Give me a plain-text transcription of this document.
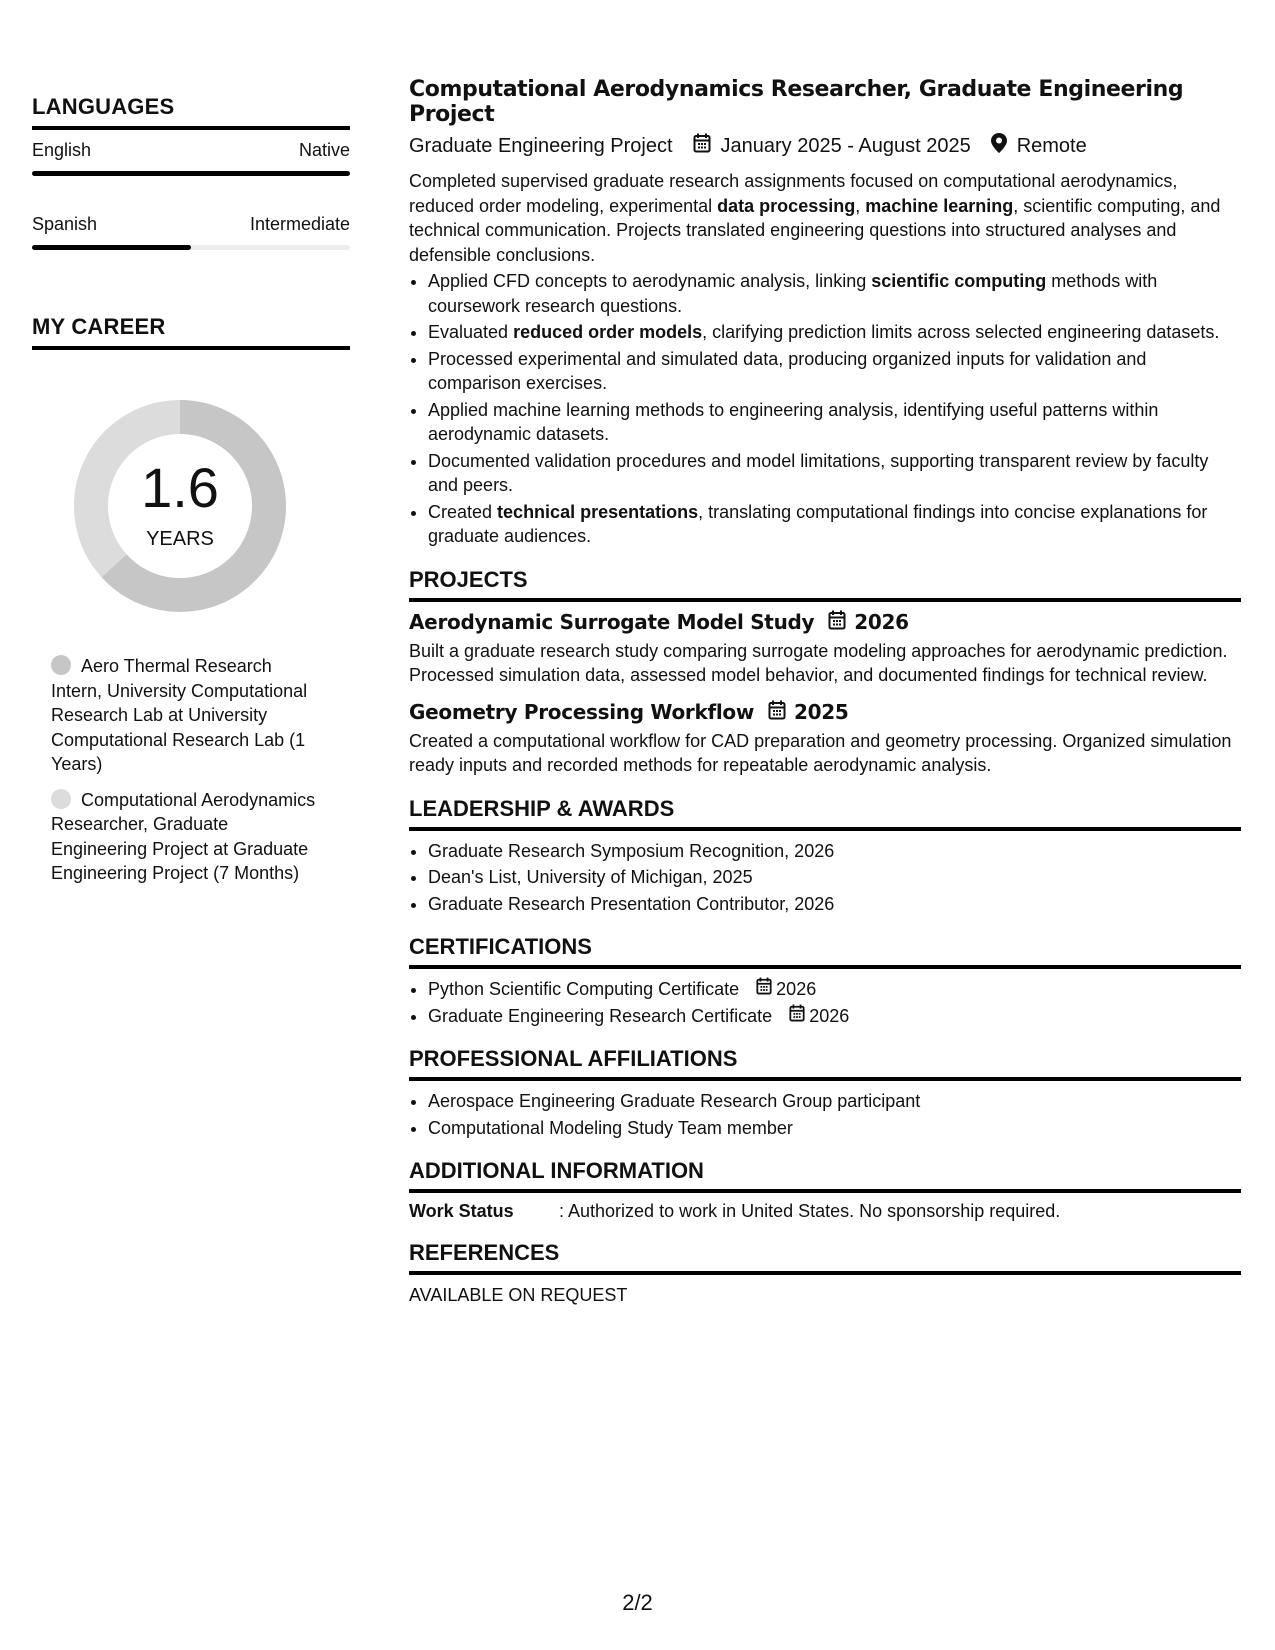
LANGUAGES
English	Native
Spanish	Intermediate
MY CAREER
1.6
YEARS
Aero Thermal Research Intern, University Computational Research Lab at University Computational Research Lab (1 Years)
Computational Aerodynamics Researcher, Graduate Engineering Project at Graduate Engineering Project (7 Months)
Computational Aerodynamics Researcher, Graduate Engineering Project
Graduate Engineering Project January 2025 - August 2025 Remote
Completed supervised graduate research assignments focused on computational aerodynamics, reduced order modeling, experimental data processing, machine learning, scientific computing, and technical communication. Projects translated engineering questions into structured analyses and defensible conclusions.
• Applied CFD concepts to aerodynamic analysis, linking scientific computing methods with coursework research questions.
• Evaluated reduced order models, clarifying prediction limits across selected engineering datasets.
• Processed experimental and simulated data, producing organized inputs for validation and comparison exercises.
• Applied machine learning methods to engineering analysis, identifying useful patterns within aerodynamic datasets.
• Documented validation procedures and model limitations, supporting transparent review by faculty and peers.
• Created technical presentations, translating computational findings into concise explanations for graduate audiences.
PROJECTS
Aerodynamic Surrogate Model Study 2026
Built a graduate research study comparing surrogate modeling approaches for aerodynamic prediction. Processed simulation data, assessed model behavior, and documented findings for technical review.
Geometry Processing Workflow 2025
Created a computational workflow for CAD preparation and geometry processing. Organized simulation ready inputs and recorded methods for repeatable aerodynamic analysis.
LEADERSHIP & AWARDS
• Graduate Research Symposium Recognition, 2026
• Dean's List, University of Michigan, 2025
• Graduate Research Presentation Contributor, 2026
CERTIFICATIONS
• Python Scientific Computing Certificate 2026
• Graduate Engineering Research Certificate 2026
PROFESSIONAL AFFILIATIONS
• Aerospace Engineering Graduate Research Group participant
• Computational Modeling Study Team member
ADDITIONAL INFORMATION
Work Status	: Authorized to work in United States. No sponsorship required.
REFERENCES
AVAILABLE ON REQUEST
2/2
